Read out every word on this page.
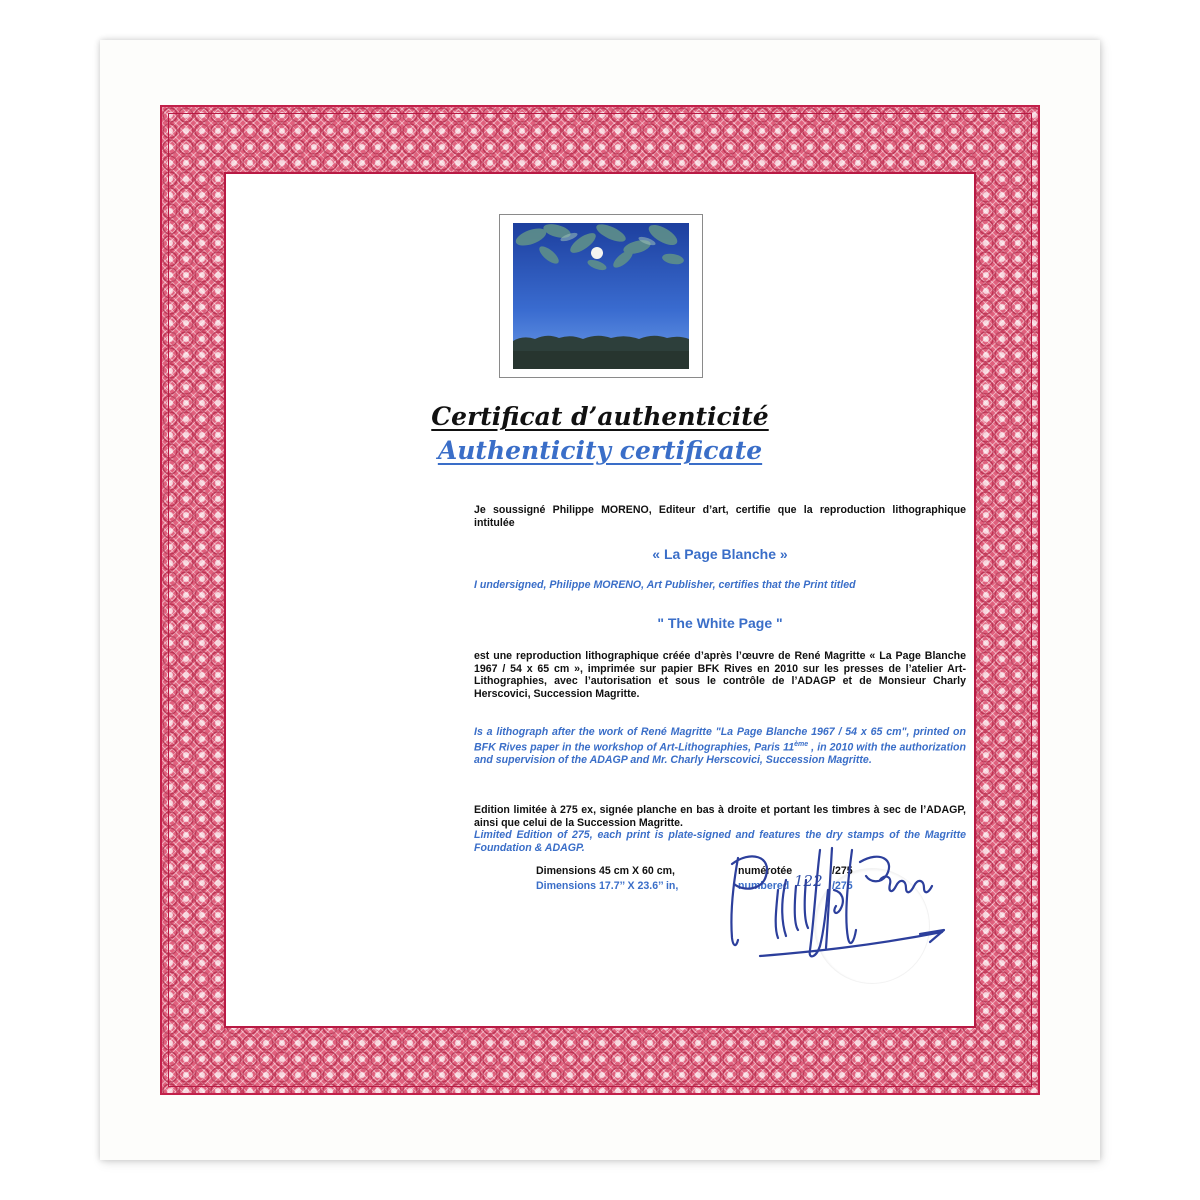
Certificat d’authenticité
Authenticity certificate
Je soussigné Philippe MORENO, Editeur d’art, certifie que la reproduction lithographique intitulée
« La Page Blanche »
I undersigned, Philippe MORENO, Art Publisher, certifies that the Print titled
" The White Page "
est une reproduction lithographique créée d’après l’œuvre de René Magritte « La Page Blanche 1967 / 54 x 65 cm », imprimée sur papier BFK Rives en 2010 sur les presses de l’atelier Art-Lithographies, avec l’autorisation et sous le contrôle de l’ADAGP et de Monsieur Charly Herscovici, Succession Magritte.
Is a lithograph after the work of René Magritte "La Page Blanche 1967 / 54 x 65 cm", printed on BFK Rives paper in the workshop of Art-Lithographies, Paris 11ème , in 2010 with the authorization and supervision of the ADAGP and Mr. Charly Herscovici, Succession Magritte.
Edition limitée à 275 ex, signée planche en bas à droite et portant les timbres à sec de l’ADAGP, ainsi que celui de la Succession Magritte.
Limited Edition of 275, each print is plate-signed and features the dry stamps of the Magritte Foundation & ADAGP.
Dimensions 45 cm X 60 cm,	numérotée	/275
Dimensions 17.7’’ X 23.6’’ in,	numbered 122 /275
